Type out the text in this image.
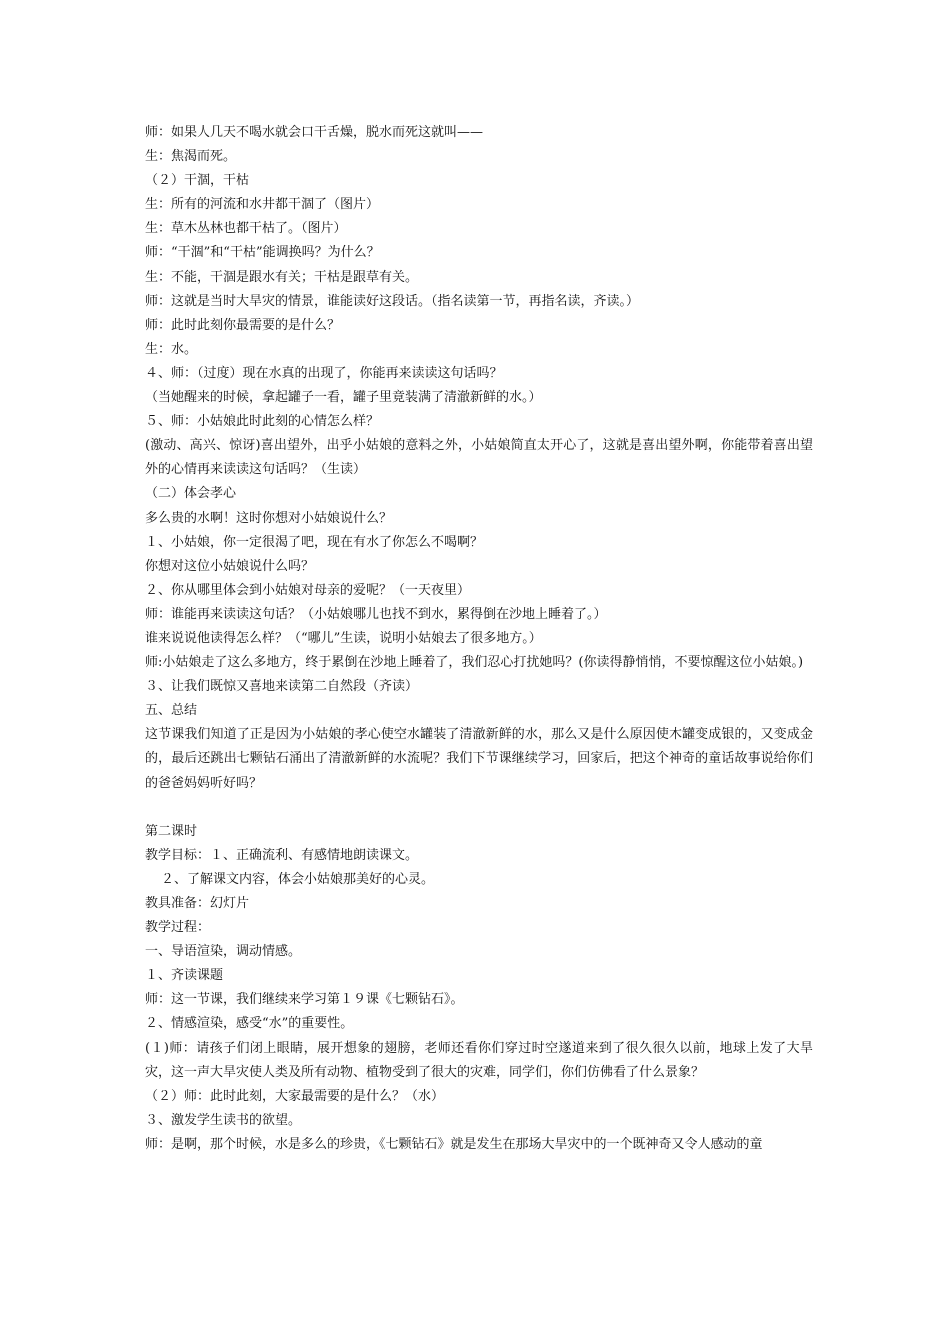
师：如果人几天不喝水就会口干舌燥，脱水而死这就叫——
生：焦渴而死。
（２）干涸，干枯
生：所有的河流和水井都干涸了（图片）
生：草木丛林也都干枯了。（图片）
师：“干涸”和“干枯”能调换吗？为什么？
生：不能，干涸是跟水有关；干枯是跟草有关。
师：这就是当时大旱灾的情景，谁能读好这段话。（指名读第一节，再指名读，齐读。）
师：此时此刻你最需要的是什么？
生：水。
４、师：（过度）现在水真的出现了，你能再来读读这句话吗？
（当她醒来的时候，拿起罐子一看，罐子里竟装满了清澈新鲜的水。）
５、师：小姑娘此时此刻的心情怎么样？
(激动、高兴、惊讶)喜出望外，出乎小姑娘的意料之外，小姑娘简直太开心了，这就是喜出望外啊，你能带着喜出望外的心情再来读读这句话吗？（生读）
（二）体会孝心
多么贵的水啊！这时你想对小姑娘说什么？
１、小姑娘，你一定很渴了吧，现在有水了你怎么不喝啊？
你想对这位小姑娘说什么吗？
２、你从哪里体会到小姑娘对母亲的爱呢？（一天夜里）
师：谁能再来读读这句话？（小姑娘哪儿也找不到水，累得倒在沙地上睡着了。）
谁来说说他读得怎么样？（“哪儿”生读，说明小姑娘去了很多地方。）
师:小姑娘走了这么多地方，终于累倒在沙地上睡着了，我们忍心打扰她吗？(你读得静悄悄，不要惊醒这位小姑娘。)
３、让我们既惊又喜地来读第二自然段（齐读）
五、总结
这节课我们知道了正是因为小姑娘的孝心使空水罐装了清澈新鲜的水，那么又是什么原因使木罐变成银的，又变成金的，最后还跳出七颗钻石涌出了清澈新鲜的水流呢？我们下节课继续学习，回家后，把这个神奇的童话故事说给你们的爸爸妈妈听好吗？
第二课时
教学目标：１、正确流利、有感情地朗读课文。
２、了解课文内容，体会小姑娘那美好的心灵。
教具准备：幻灯片
教学过程：
一、导语渲染，调动情感。
１、齐读课题
师：这一节课，我们继续来学习第１９课《七颗钻石》。
２、情感渲染，感受“水”的重要性。
(１)师：请孩子们闭上眼睛，展开想象的翅膀，老师还看你们穿过时空遂道来到了很久很久以前，地球上发了大旱灾，这一声大旱灾使人类及所有动物、植物受到了很大的灾难，同学们，你们仿佛看了什么景象？
（２）师：此时此刻，大家最需要的是什么？（水）
３、激发学生读书的欲望。
师：是啊，那个时候，水是多么的珍贵，《七颗钻石》就是发生在那场大旱灾中的一个既神奇又令人感动的童
